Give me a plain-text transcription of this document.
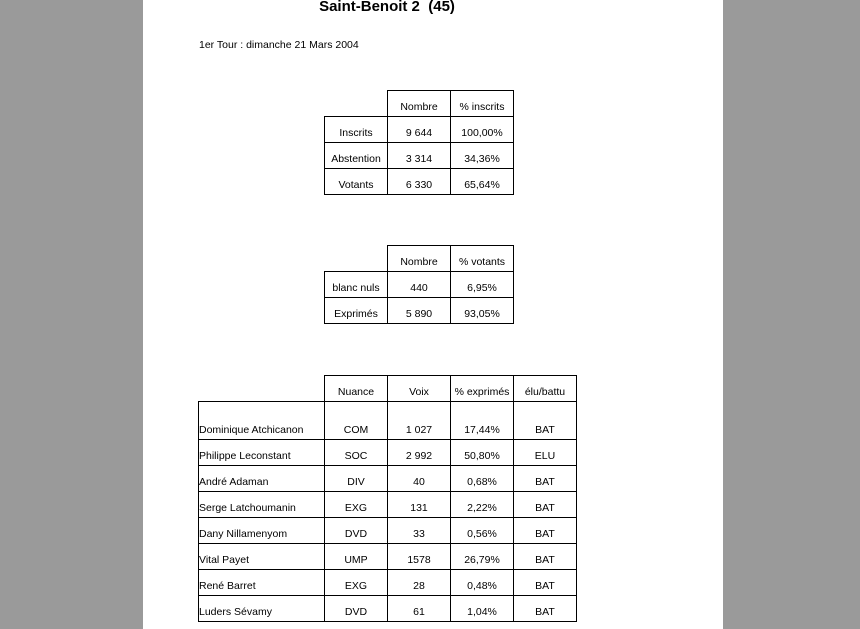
Saint-Benoit 2  (45)
1er Tour : dimanche 21 Mars 2004
	Nombre	% inscrits
Inscrits	9 644	100,00%
Abstention	3 314	34,36%
Votants	6 330	65,64%
	Nombre	% votants
blanc nuls	440	6,95%
Exprimés	5 890	93,05%
	Nuance	Voix	% exprimés	élu/battu
Dominique Atchicanon	COM	1 027	17,44%	BAT
Philippe Leconstant	SOC	2 992	50,80%	ELU
André Adaman	DIV	40	0,68%	BAT
Serge Latchoumanin	EXG	131	2,22%	BAT
Dany Nillamenyom	DVD	33	0,56%	BAT
Vital Payet	UMP	1578	26,79%	BAT
René Barret	EXG	28	0,48%	BAT
Luders Sévamy	DVD	61	1,04%	BAT
